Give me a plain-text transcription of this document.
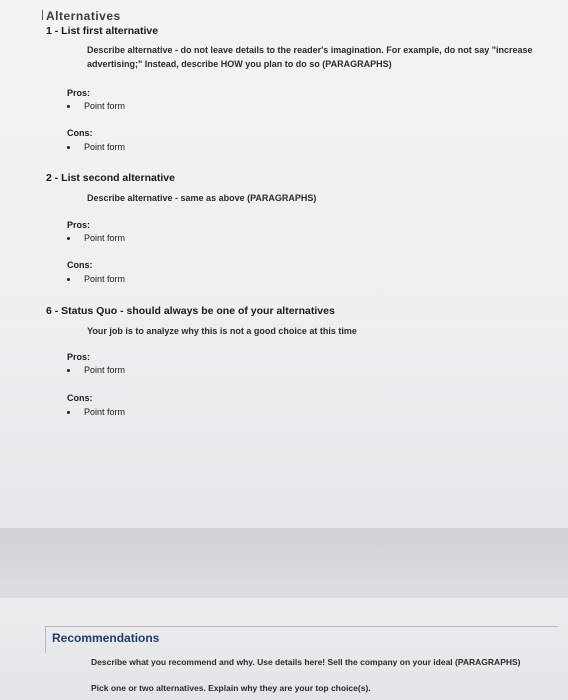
1 - List first alternative
Describe alternative - do not leave details to the reader's imagination. For example, do not say "increase
advertising;" Instead, describe HOW you plan to do so (PARAGRAPHS)
Pros:
Point form
Cons:
Point form
2 - List second alternative
Describe alternative - same as above (PARAGRAPHS)
Pros:
Point form
Cons:
Point form
6 - Status Quo - should always be one of your alternatives
Your job is to analyze why this is not a good choice at this time
Pros:
Point form
Cons:
Point form
Recommendations
Describe what you recommend and why. Use details here! Sell the company on your ideal (PARAGRAPHS)
Pick one or two alternatives. Explain why they are your top choice(s).
